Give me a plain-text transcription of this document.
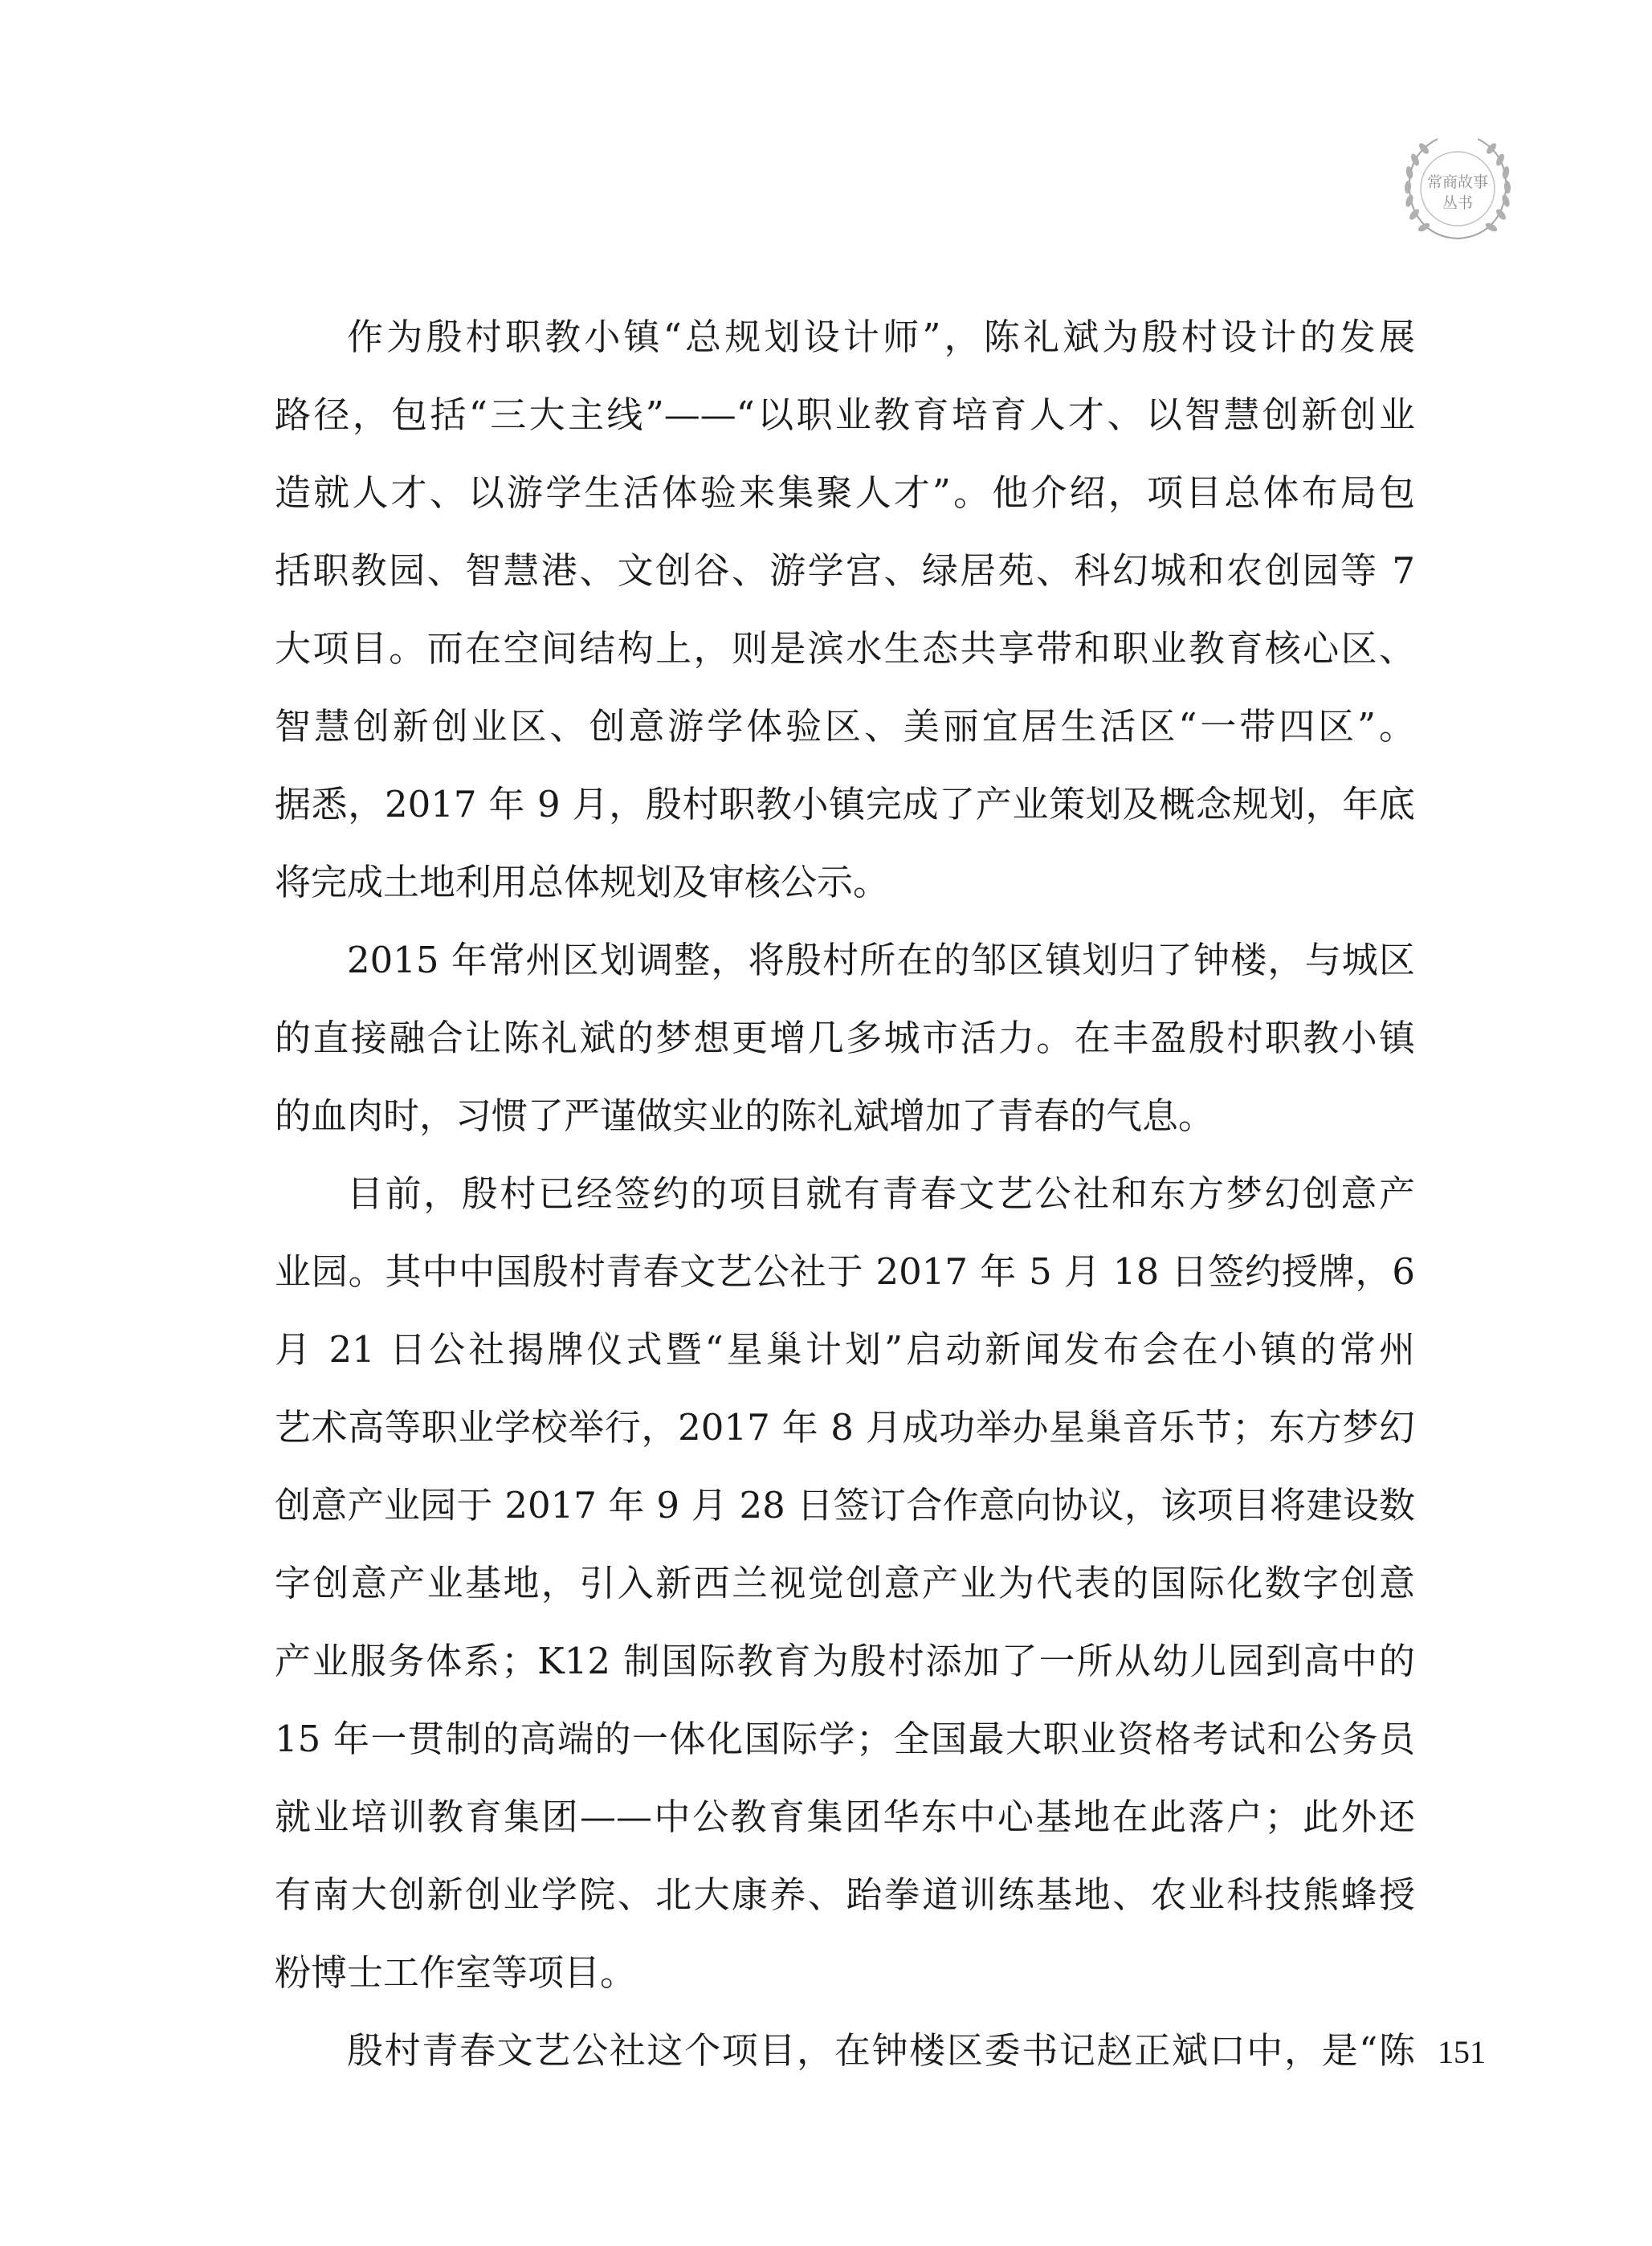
常商故事
丛书
作为殷村职教小镇“总规划设计师”，陈礼斌为殷村设计的发展
路径，包括“三大主线”——“以职业教育培育人才、以智慧创新创业
造就人才、以游学生活体验来集聚人才”。他介绍，项目总体布局包
括职教园、智慧港、文创谷、游学宫、绿居苑、科幻城和农创园等 7
大项目。而在空间结构上，则是滨水生态共享带和职业教育核心区、
智慧创新创业区、创意游学体验区、美丽宜居生活区“一带四区”。
据悉，2017 年 9 月，殷村职教小镇完成了产业策划及概念规划，年底
将完成土地利用总体规划及审核公示。
2015 年常州区划调整，将殷村所在的邹区镇划归了钟楼，与城区
的直接融合让陈礼斌的梦想更增几多城市活力。在丰盈殷村职教小镇
的血肉时，习惯了严谨做实业的陈礼斌增加了青春的气息。
目前，殷村已经签约的项目就有青春文艺公社和东方梦幻创意产
业园。其中中国殷村青春文艺公社于 2017 年 5 月 18 日签约授牌，6
月 21 日公社揭牌仪式暨“星巢计划”启动新闻发布会在小镇的常州
艺术高等职业学校举行，2017 年 8 月成功举办星巢音乐节；东方梦幻
创意产业园于 2017 年 9 月 28 日签订合作意向协议，该项目将建设数
字创意产业基地，引入新西兰视觉创意产业为代表的国际化数字创意
产业服务体系；K12 制国际教育为殷村添加了一所从幼儿园到高中的
15 年一贯制的高端的一体化国际学；全国最大职业资格考试和公务员
就业培训教育集团——中公教育集团华东中心基地在此落户；此外还
有南大创新创业学院、北大康养、跆拳道训练基地、农业科技熊蜂授
粉博士工作室等项目。
殷村青春文艺公社这个项目，在钟楼区委书记赵正斌口中，是“陈 151
